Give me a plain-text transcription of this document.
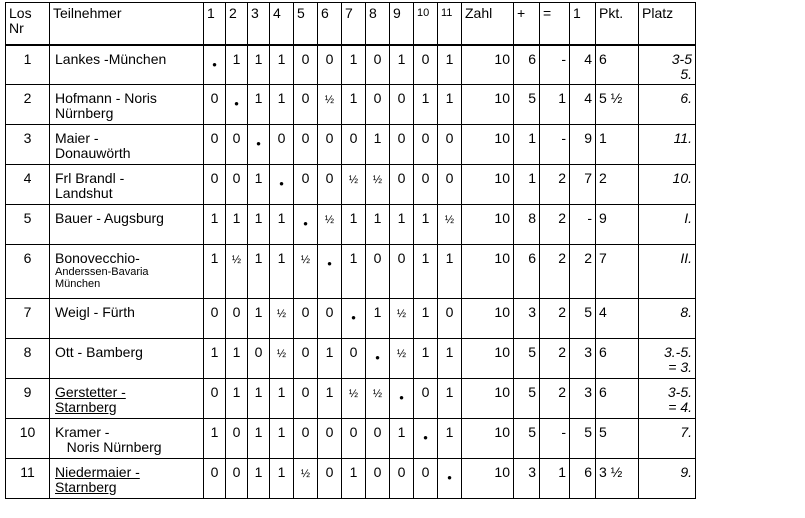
Los Nr	Teilnehmer	1	2	3	4	5	6	7	8	9	10	11	Zahl	+	=	1	Pkt.	Platz
1	Lankes -München	•	1	1	1	0	0	1	0	1	0	1	10	6	-	4	6	3-5
5.

2	Hofmann - Noris
Nürnberg	0	•	1	1	0	½	1	0	0	1	1	10	5	1	4	5 ½	6.

3	Maier -
Donauwörth	0	0	•	0	0	0	0	1	0	0	0	10	1	-	9	1	11.

4	Frl Brandl -
Landshut	0	0	1	•	0	0	½	½	0	0	0	10	1	2	7	2	10.

5	Bauer - Augsburg	1	1	1	1	•	½	1	1	1	1	½	10	8	2	-	9	I.

6	Bonovecchio-
Anderssen-Bavaria
München	1	½	1	1	½	•	1	0	0	1	1	10	6	2	2	7	II.

7	Weigl - Fürth	0	0	1	½	0	0	•	1	½	1	0	10	3	2	5	4	8.

8	Ott - Bamberg	1	1	0	½	0	1	0	•	½	1	1	10	5	2	3	6	3.-5.
= 3.

9	Gerstetter -
Starnberg	0	1	1	1	0	1	½	½	•	0	1	10	5	2	3	6	3-5.
= 4.

10	Kramer -
Noris Nürnberg	1	0	1	1	0	0	0	0	1	•	1	10	5	-	5	5	7.

11	Niedermaier -
Starnberg	0	0	1	1	½	0	1	0	0	0	•	10	3	1	6	3 ½	9.
